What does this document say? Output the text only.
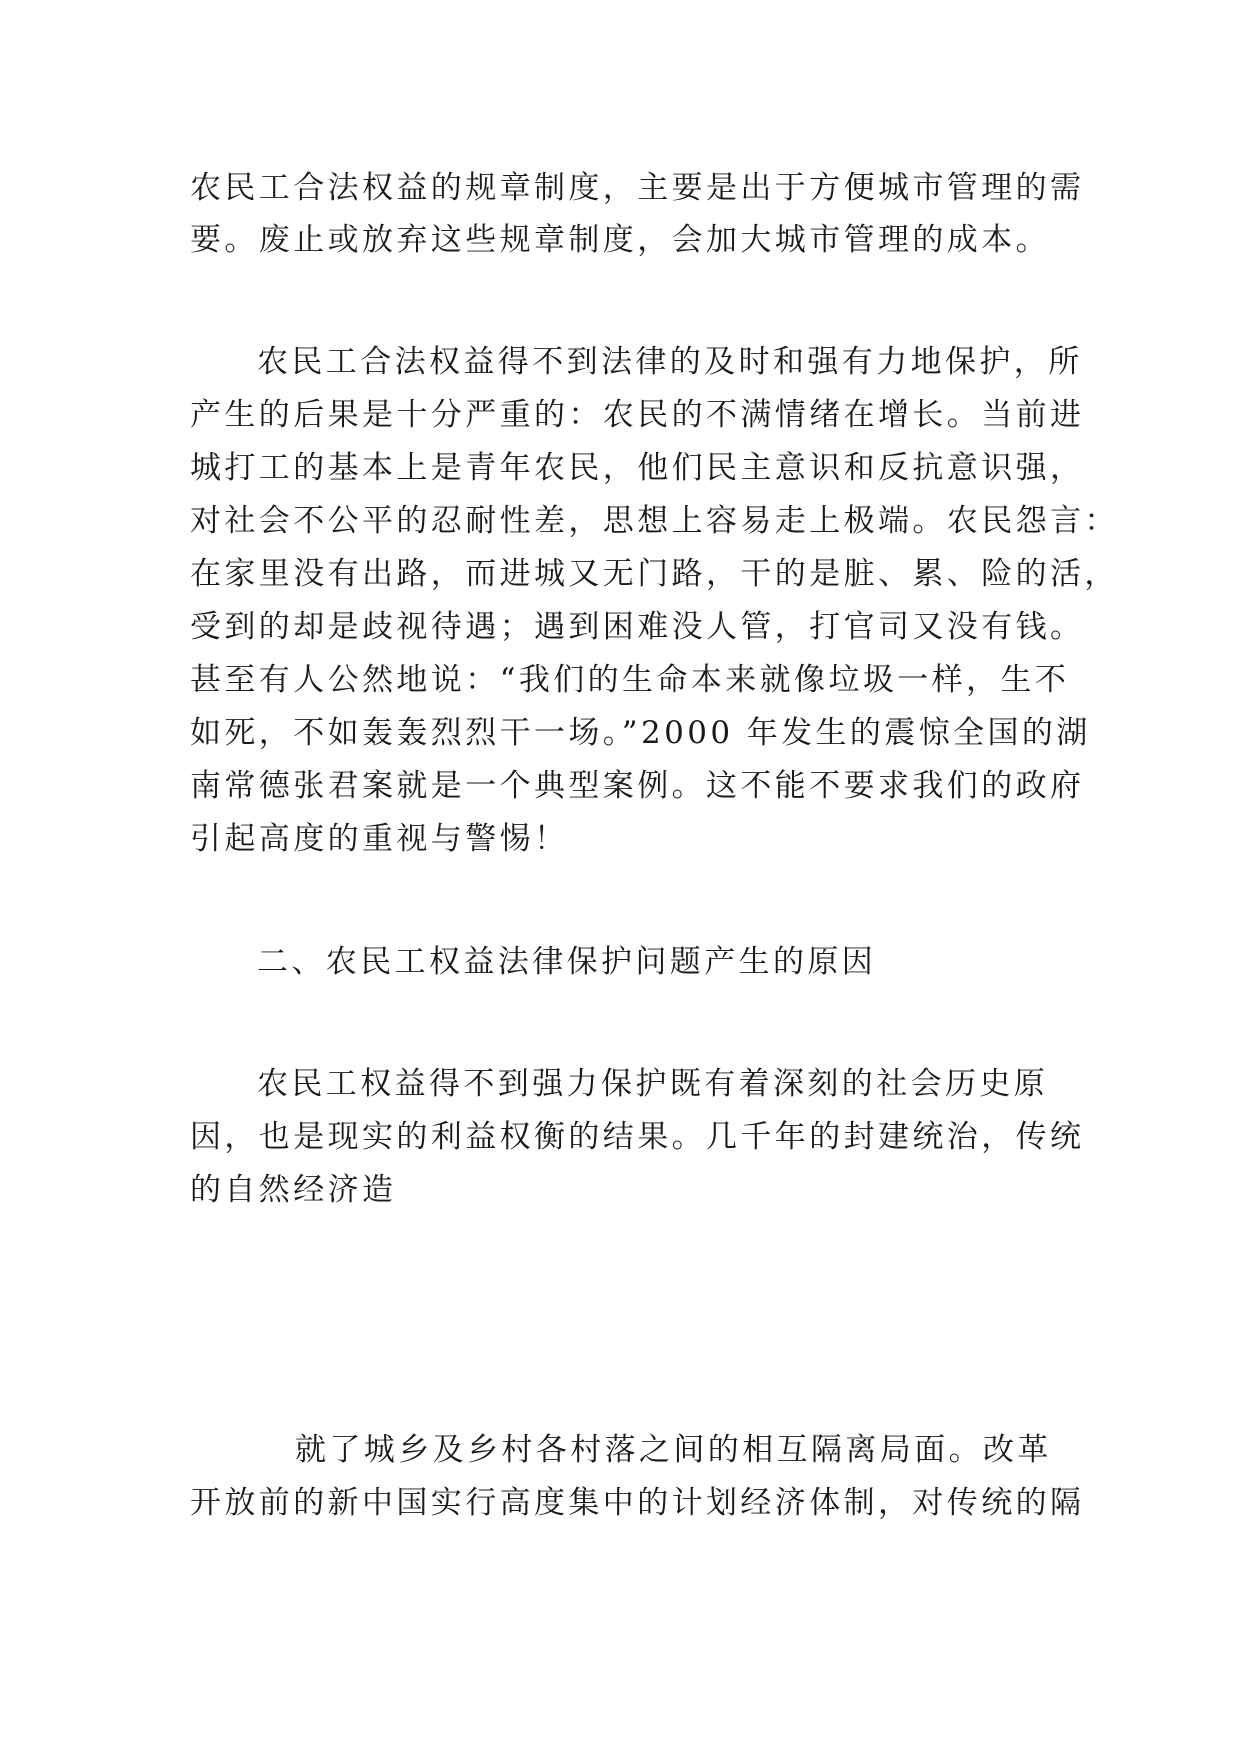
农民工合法权益的规章制度，主要是出于方便城市管理的需
要。废止或放弃这些规章制度，会加大城市管理的成本。
农民工合法权益得不到法律的及时和强有力地保护，所
产生的后果是十分严重的：农民的不满情绪在增长。当前进
城打工的基本上是青年农民，他们民主意识和反抗意识强，
对社会不公平的忍耐性差，思想上容易走上极端。农民怨言：
在家里没有出路，而进城又无门路，干的是脏、累、险的活，
受到的却是歧视待遇；遇到困难没人管，打官司又没有钱。
甚至有人公然地说：“我们的生命本来就像垃圾一样，生不
如死，不如轰轰烈烈干一场。”2000 年发生的震惊全国的湖
南常德张君案就是一个典型案例。这不能不要求我们的政府
引起高度的重视与警惕！
二、农民工权益法律保护问题产生的原因
农民工权益得不到强力保护既有着深刻的社会历史原
因，也是现实的利益权衡的结果。几千年的封建统治，传统
的自然经济造
就了城乡及乡村各村落之间的相互隔离局面。改革
开放前的新中国实行高度集中的计划经济体制，对传统的隔
